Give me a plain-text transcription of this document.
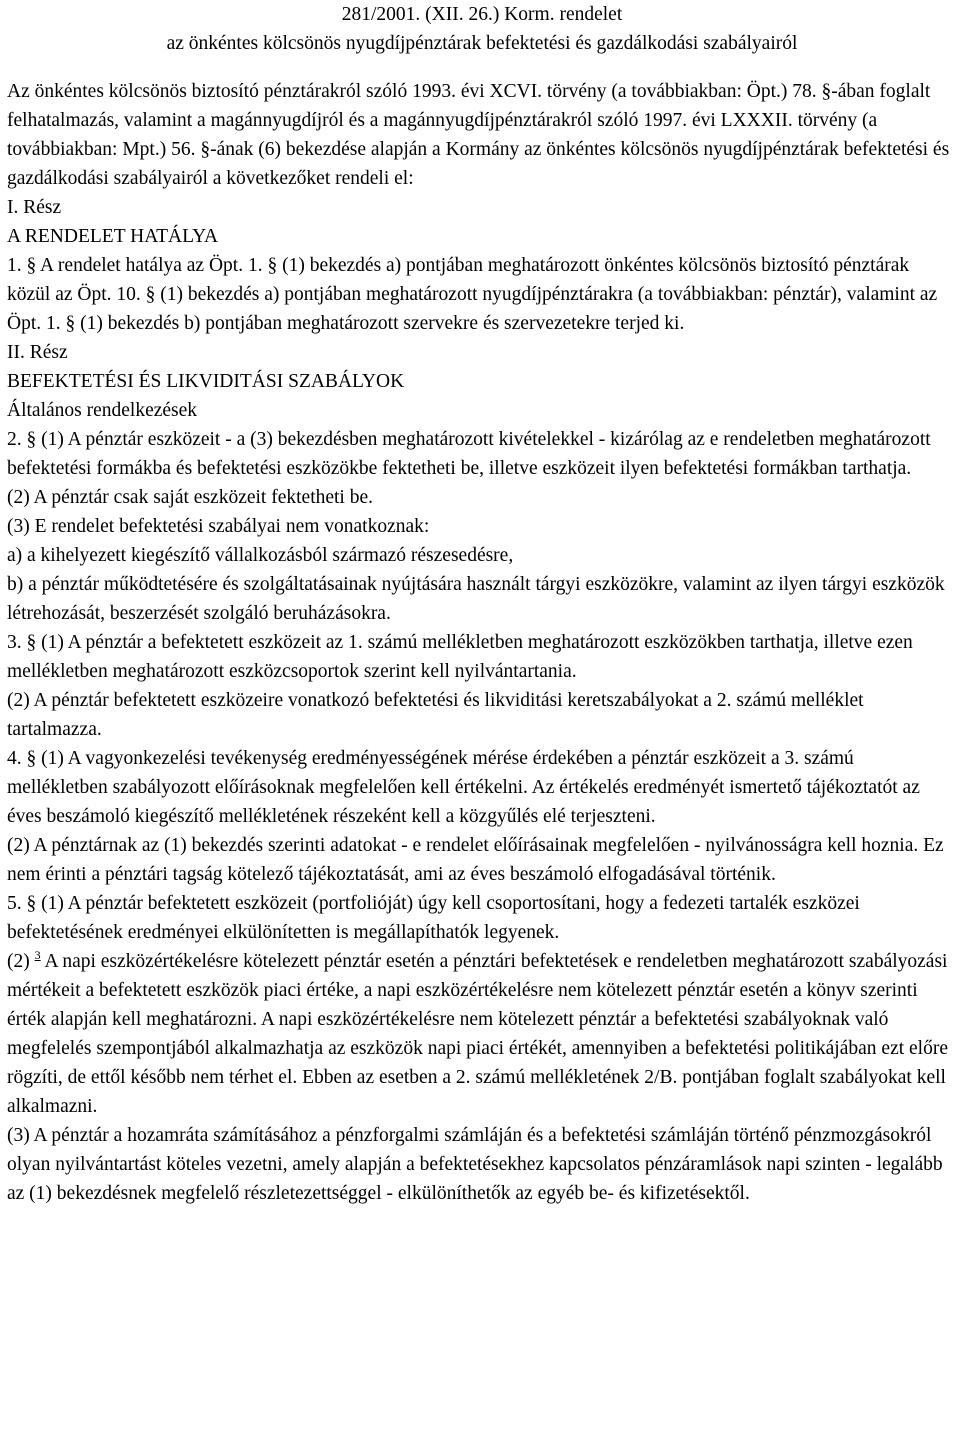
281/2001. (XII. 26.) Korm. rendelet
az önkéntes kölcsönös nyugdíjpénztárak befektetési és gazdálkodási szabályairól

Az önkéntes kölcsönös biztosító pénztárakról szóló 1993. évi XCVI. törvény (a továbbiakban: Öpt.) 78. §-ában foglalt felhatalmazás, valamint a magánnyugdíjról és a magánnyugdíjpénztárakról szóló 1997. évi LXXXII. törvény (a továbbiakban: Mpt.) 56. §-ának (6) bekezdése alapján a Kormány az önkéntes kölcsönös nyugdíjpénztárak befektetési és gazdálkodási szabályairól a következőket rendeli el:

I. Rész

A RENDELET HATÁLYA

1. § A rendelet hatálya az Öpt. 1. § (1) bekezdés a) pontjában meghatározott önkéntes kölcsönös biztosító pénztárak közül az Öpt. 10. § (1) bekezdés a) pontjában meghatározott nyugdíjpénztárakra (a továbbiakban: pénztár), valamint az Öpt. 1. § (1) bekezdés b) pontjában meghatározott szervekre és szervezetekre terjed ki.

II. Rész

BEFEKTETÉSI ÉS LIKVIDITÁSI SZABÁLYOK

Általános rendelkezések

2. § (1) A pénztár eszközeit - a (3) bekezdésben meghatározott kivételekkel - kizárólag az e rendeletben meghatározott befektetési formákba és befektetési eszközökbe fektetheti be, illetve eszközeit ilyen befektetési formákban tarthatja.

(2) A pénztár csak saját eszközeit fektetheti be.

(3) E rendelet befektetési szabályai nem vonatkoznak:

a) a kihelyezett kiegészítő vállalkozásból származó részesedésre,

b) a pénztár működtetésére és szolgáltatásainak nyújtására használt tárgyi eszközökre, valamint az ilyen tárgyi eszközök létrehozását, beszerzését szolgáló beruházásokra.

3. § (1) A pénztár a befektetett eszközeit az 1. számú mellékletben meghatározott eszközökben tarthatja, illetve ezen mellékletben meghatározott eszközcsoportok szerint kell nyilvántartania.

(2) A pénztár befektetett eszközeire vonatkozó befektetési és likviditási keretszabályokat a 2. számú melléklet tartalmazza.

4. § (1) A vagyonkezelési tevékenység eredményességének mérése érdekében a pénztár eszközeit a 3. számú mellékletben szabályozott előírásoknak megfelelően kell értékelni. Az értékelés eredményét ismertető tájékoztatót az éves beszámoló kiegészítő mellékletének részeként kell a közgyűlés elé terjeszteni.

(2) A pénztárnak az (1) bekezdés szerinti adatokat - e rendelet előírásainak megfelelően - nyilvánosságra kell hoznia. Ez nem érinti a pénztári tagság kötelező tájékoztatását, ami az éves beszámoló elfogadásával történik.

5. § (1) A pénztár befektetett eszközeit (portfolióját) úgy kell csoportosítani, hogy a fedezeti tartalék eszközei befektetésének eredményei elkülönítetten is megállapíthatók legyenek.

(2) $^3$ A napi eszközértékelésre kötelezett pénztár esetén a pénztári befektetések e rendeletben meghatározott szabályozási mértékeit a befektetett eszközök piaci értéke, a napi eszközértékelésre nem kötelezett pénztár esetén a könyv szerinti érték alapján kell meghatározni. A napi eszközértékelésre nem kötelezett pénztár a befektetési szabályoknak való megfelelés szempontjából alkalmazhatja az eszközök napi piaci értékét, amennyiben a befektetési politikájában ezt előre rögzíti, de ettől később nem térhet el. Ebben az esetben a 2. számú mellékletének 2/B. pontjában foglalt szabályokat kell alkalmazni.

(3) A pénztár a hozamráta számításához a pénzforgalmi számláján és a befektetési számláján történő pénzmozgásokról olyan nyilvántartást köteles vezetni, amely alapján a befektetésekhez kapcsolatos pénzáramlások napi szinten - legalább az (1) bekezdésnek megfelelő részletezettséggel - elkülöníthetők az egyéb be- és kifizetésektől.
